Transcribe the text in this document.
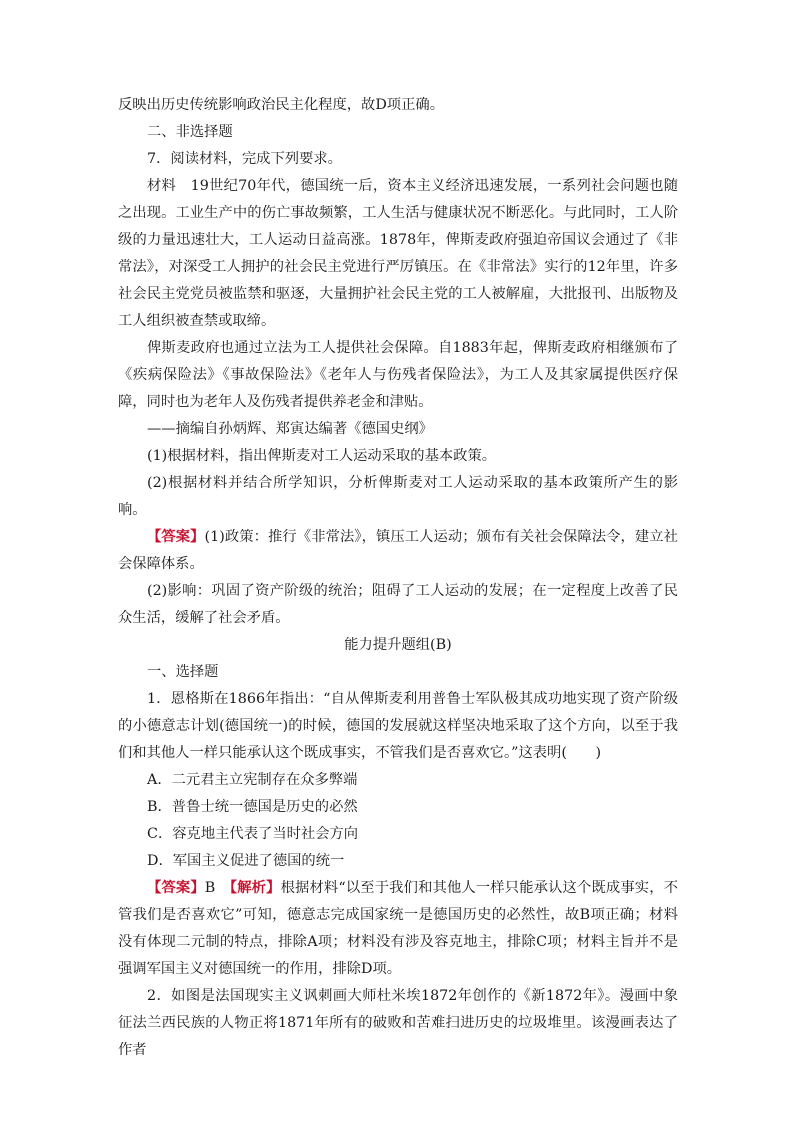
反映出历史传统影响政治民主化程度，故D项正确。

二、非选择题

7．阅读材料，完成下列要求。

材料　19世纪70年代，德国统一后，资本主义经济迅速发展，一系列社会问题也随之出现。工业生产中的伤亡事故频繁，工人生活与健康状况不断恶化。与此同时，工人阶级的力量迅速壮大，工人运动日益高涨。1878年，俾斯麦政府强迫帝国议会通过了《非常法》，对深受工人拥护的社会民主党进行严厉镇压。在《非常法》实行的12年里，许多社会民主党党员被监禁和驱逐，大量拥护社会民主党的工人被解雇，大批报刊、出版物及工人组织被查禁或取缔。

俾斯麦政府也通过立法为工人提供社会保障。自1883年起，俾斯麦政府相继颁布了《疾病保险法》《事故保险法》《老年人与伤残者保险法》，为工人及其家属提供医疗保障，同时也为老年人及伤残者提供养老金和津贴。

——摘编自孙炳辉、郑寅达编著《德国史纲》

(1)根据材料，指出俾斯麦对工人运动采取的基本政策。

(2)根据材料并结合所学知识，分析俾斯麦对工人运动采取的基本政策所产生的影响。

【答案】(1)政策：推行《非常法》，镇压工人运动；颁布有关社会保障法令，建立社会保障体系。

(2)影响：巩固了资产阶级的统治；阻碍了工人运动的发展；在一定程度上改善了民众生活，缓解了社会矛盾。

能力提升题组(B)

一、选择题

1．恩格斯在1866年指出：“自从俾斯麦利用普鲁士军队极其成功地实现了资产阶级的小德意志计划(德国统一)的时候，德国的发展就这样坚决地采取了这个方向，以至于我们和其他人一样只能承认这个既成事实，不管我们是否喜欢它。”这表明(　　)

A．二元君主立宪制存在众多弊端

B．普鲁士统一德国是历史的必然

C．容克地主代表了当时社会方向

D．军国主义促进了德国的统一

【答案】B　【解析】根据材料“以至于我们和其他人一样只能承认这个既成事实，不管我们是否喜欢它”可知，德意志完成国家统一是德国历史的必然性，故B项正确；材料没有体现二元制的特点，排除A项；材料没有涉及容克地主，排除C项；材料主旨并不是强调军国主义对德国统一的作用，排除D项。

2．如图是法国现实主义讽刺画大师杜米埃1872年创作的《新1872年》。漫画中象征法兰西民族的人物正将1871年所有的破败和苦难扫进历史的垃圾堆里。该漫画表达了作者
